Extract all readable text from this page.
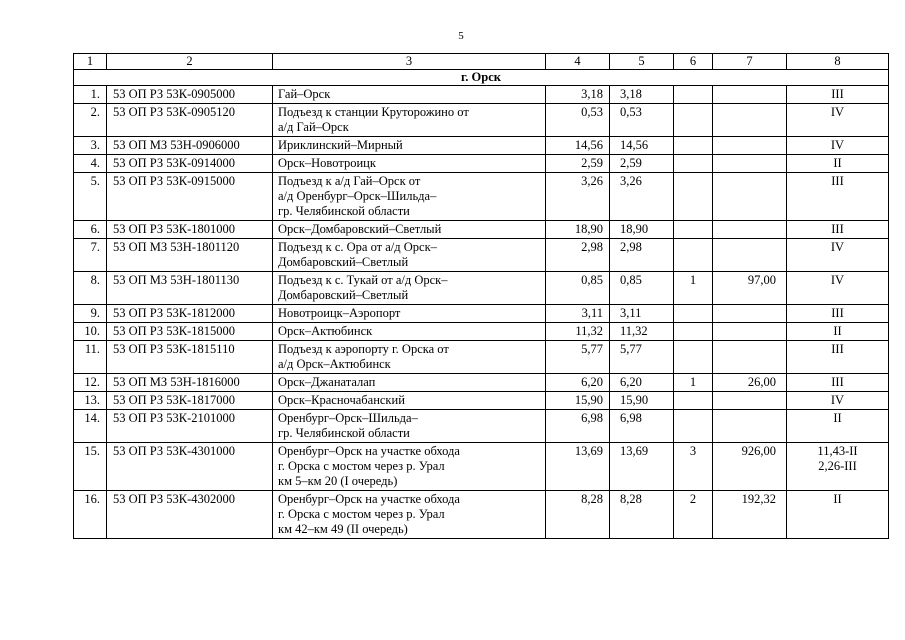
5
1	2	3	4	5	6	7	8
г. Орск							
1.	53 ОП РЗ 53К-0905000	Гай–Орск	3,18	3,18			III
2.	53 ОП РЗ 53К-0905120	Подъезд к станции Круторожино от
а/д Гай–Орск	0,53	0,53			IV
3.	53 ОП МЗ 53Н-0906000	Ириклинский–Мирный	14,56	14,56			IV
4.	53 ОП РЗ 53К-0914000	Орск–Новотроицк	2,59	2,59			II
5.	53 ОП РЗ 53К-0915000	Подъезд к а/д Гай–Орск от
а/д Оренбург–Орск–Шильда–
гр. Челябинской области	3,26	3,26			III
6.	53 ОП РЗ 53К-1801000	Орск–Домбаровский–Светлый	18,90	18,90			III
7.	53 ОП МЗ 53Н-1801120	Подъезд к с. Ора от а/д Орск–
Домбаровский–Светлый	2,98	2,98			IV
8.	53 ОП МЗ 53Н-1801130	Подъезд к с. Тукай от а/д Орск–
Домбаровский–Светлый	0,85	0,85	1	97,00	IV
9.	53 ОП РЗ 53К-1812000	Новотроицк–Аэропорт	3,11	3,11			III
10.	53 ОП РЗ 53К-1815000	Орск–Актюбинск	11,32	11,32			II
11.	53 ОП РЗ 53К-1815110	Подъезд к аэропорту г. Орска от
а/д Орск–Актюбинск	5,77	5,77			III
12.	53 ОП МЗ 53Н-1816000	Орск–Джанаталап	6,20	6,20	1	26,00	III
13.	53 ОП РЗ 53К-1817000	Орск–Красночабанский	15,90	15,90			IV
14.	53 ОП РЗ 53К-2101000	Оренбург–Орск–Шильда–
гр. Челябинской области	6,98	6,98			II
15.	53 ОП РЗ 53К-4301000	Оренбург–Орск на участке обхода
г. Орска с мостом через р. Урал
км 5–км 20 (I очередь)	13,69	13,69	3	926,00	11,43-II
2,26-III
16.	53 ОП РЗ 53К-4302000	Оренбург–Орск на участке обхода
г. Орска с мостом через р. Урал
км 42–км 49 (II очередь)	8,28	8,28	2	192,32	II
